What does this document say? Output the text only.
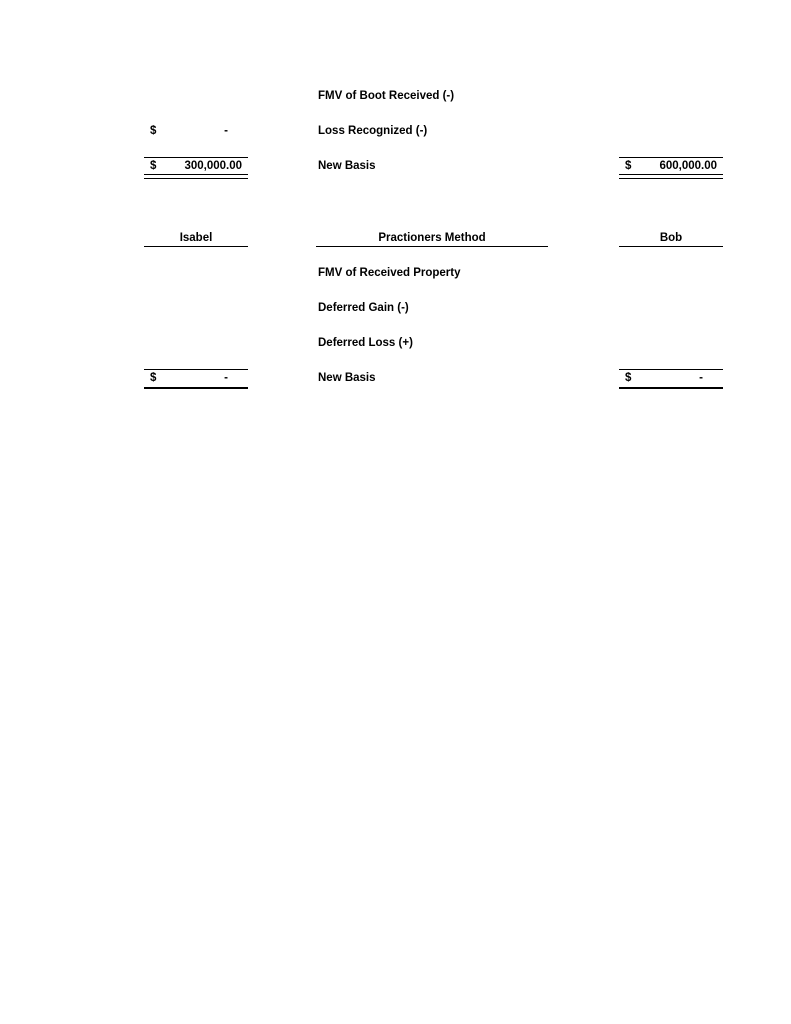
FMV of Boot Received (-)
$	-	Loss Recognized (-)
$ 300,000.00	New Basis	$ 600,000.00
Isabel	Practioners Method	Bob
FMV of Received Property
Deferred Gain (-)
Deferred Loss (+)
$	-	New Basis	$	-
